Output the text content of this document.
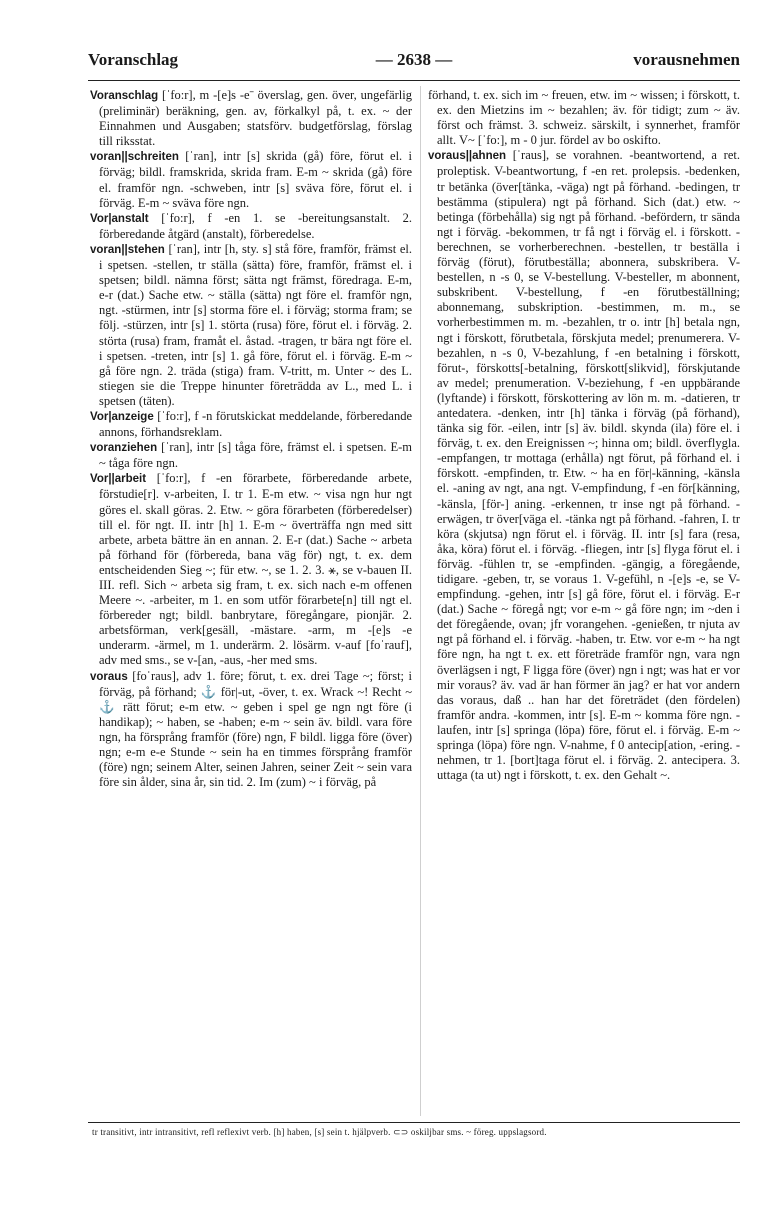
Voranschlag	— 2638 —	vorausnehmen

Voranschlag [ˈfo:r], m -[e]s -eˉ överslag, gen. över, ungefärlig (preliminär) beräkning, gen. av, förkalkyl på, t. ex. ~ der Einnahmen und Ausgaben; statsförv. budgetförslag, förslag till riksstat.

voran||schreiten [ˈran], intr [s] skrida (gå) före, förut el. i förväg; bildl. framskrida, skrida fram. E-m ~ skrida (gå) före el. framför ngn. -schweben, intr [s] sväva före, förut el. i förväg. E-m ~ sväva före ngn.

Vor|anstalt [ˈfo:r], f -en 1. se -bereitungsanstalt. 2. förberedande åtgärd (anstalt), förberedelse.

voran||stehen [ˈran], intr [h, sty. s] stå före, framför, främst el. i spetsen. -stellen, tr ställa (sätta) före, framför, främst el. i spetsen; bildl. nämna först; sätta ngt främst, föredraga. E-m, e-r (dat.) Sache etw. ~ ställa (sätta) ngt före el. framför ngn, ngt. -stürmen, intr [s] storma före el. i förväg; storma fram; se följ. -stürzen, intr [s] 1. störta (rusa) före, förut el. i förväg. 2. störta (rusa) fram, framåt el. åstad. -tragen, tr bära ngt före el. i spetsen. -treten, intr [s] 1. gå före, förut el. i förväg. E-m ~ gå före ngn. 2. träda (stiga) fram. V-tritt, m. Unter ~ des L. stiegen sie die Treppe hinunter företrädda av L., med L. i spetsen (täten).

Vor|anzeige [ˈfo:r], f -n förutskickat meddelande, förberedande annons, förhandsreklam.

voranziehen [ˈran], intr [s] tåga före, främst el. i spetsen. E-m ~ tåga före ngn.

Vor||arbeit [ˈfo:r], f -en förarbete, förberedande arbete, förstudie[r]. v-arbeiten, I. tr 1. E-m etw. ~ visa ngn hur ngt göres el. skall göras. 2. Etw. ~ göra förarbeten (förberedelser) till el. för ngt. II. intr [h] 1. E-m ~ överträffa ngn med sitt arbete, arbeta bättre än en annan. 2. E-r (dat.) Sache ~ arbeta på förhand för (förbereda, bana väg för) ngt, t. ex. dem entscheidenden Sieg ~; für etw. ~, se 1. 2. 3. ⚹, se v-bauen II. III. refl. Sich ~ arbeta sig fram, t. ex. sich nach e-m offenen Meere ~. -arbeiter, m 1. en som utför förarbete[n] till ngt el. förbereder ngt; bildl. banbrytare, föregångare, pionjär. 2. arbetsförman, verk[gesäll, -mästare. -arm, m -[e]s -e underarm. -ärmel, m 1. underärm. 2. lösärm. v-auf [foˈrauf], adv med sms., se v-[an, -aus, -her med sms.

voraus [foˈraus], adv 1. före; förut, t. ex. drei Tage ~; först; i förväg, på förhand; ⚓ för|-ut, -över, t. ex. Wrack ~! Recht ~ ⚓ rätt förut; e-m etw. ~ geben i spel ge ngn ngt före (i handikap); ~ haben, se -haben; e-m ~ sein äv. bildl. vara före ngn, ha försprång framför (före) ngn, F bildl. ligga före (över) ngn; e-m e-e Stunde ~ sein ha en timmes försprång framför (före) ngn; seinem Alter, seinen Jahren, seiner Zeit ~ sein vara före sin ålder, sina år, sin tid. 2. Im (zum) ~ i förväg, på

förhand, t. ex. sich im ~ freuen, etw. im ~ wissen; i förskott, t. ex. den Mietzins im ~ bezahlen; äv. för tidigt; zum ~ äv. först och främst. 3. schweiz. särskilt, i synnerhet, framför allt. V~ [ˈfo:], m - 0 jur. fördel av bo oskifto.

voraus||ahnen [ˈraus], se vorahnen. -beantwortend, a ret. proleptisk. V-beantwortung, f -en ret. prolepsis. -bedenken, tr betänka (över[tänka, -väga) ngt på förhand. -bedingen, tr bestämma (stipulera) ngt på förhand. Sich (dat.) etw. ~ betinga (förbehålla) sig ngt på förhand. -befördern, tr sända ngt i förväg. -bekommen, tr få ngt i förväg el. i förskott. -berechnen, se vorherberechnen. -bestellen, tr beställa i förväg (förut), förutbeställa; abonnera, subskribera. V-bestellen, n -s 0, se V-bestellung. V-besteller, m abonnent, subskribent. V-bestellung, f -en förutbeställning; abonnemang, subskription. -bestimmen, m. m., se vorherbestimmen m. m. -bezahlen, tr o. intr [h] betala ngn, ngt i förskott, förutbetala, förskjuta medel; prenumerera. V-bezahlen, n -s 0, V-bezahlung, f -en betalning i förskott, förut-, förskotts[-betalning, förskott[slikvid], förskjutande av medel; prenumeration. V-beziehung, f -en uppbärande (lyftande) i förskott, förskottering av lön m. m. -datieren, tr antedatera. -denken, intr [h] tänka i förväg (på förhand), tänka sig för. -eilen, intr [s] äv. bildl. skynda (ila) före el. i förväg, t. ex. den Ereignissen ~; hinna om; bildl. överflygla. -empfangen, tr mottaga (erhålla) ngt förut, på förhand el. i förskott. -empfinden, tr. Etw. ~ ha en för|-känning, -känsla el. -aning av ngt, ana ngt. V-empfindung, f -en för[känning, -känsla, [för-] aning. -erkennen, tr inse ngt på förhand. -erwägen, tr över[väga el. -tänka ngt på förhand. -fahren, I. tr köra (skjutsa) ngn förut el. i förväg. II. intr [s] fara (resa, åka, köra) förut el. i förväg. -fliegen, intr [s] flyga förut el. i förväg. -fühlen tr, se -empfinden. -gängig, a föregående, tidigare. -geben, tr, se voraus 1. V-gefühl, n -[e]s -e, se V-empfindung. -gehen, intr [s] gå före, förut el. i förväg. E-r (dat.) Sache ~ föregå ngt; vor e-m ~ gå före ngn; im ~den i det föregående, ovan; jfr vorangehen. -genießen, tr njuta av ngt på förhand el. i förväg. -haben, tr. Etw. vor e-m ~ ha ngt före ngn, ha ngt t. ex. ett företräde framför ngn, vara ngn överlägsen i ngt, F ligga före (över) ngn i ngt; was hat er vor mir voraus? äv. vad är han förmer än jag? er hat vor andern das voraus, daß .. han har det företrädet (den fördelen) framför andra. -kommen, intr [s]. E-m ~ komma före ngn. -laufen, intr [s] springa (löpa) före, förut el. i förväg. E-m ~ springa (löpa) före ngn. V-nahme, f 0 antecip[ation, -ering. -nehmen, tr 1. [bort]taga förut el. i förväg. 2. antecipera. 3. uttaga (ta ut) ngt i förskott, t. ex. den Gehalt ~.

tr transitivt, intr intransitivt, refl reflexivt verb. [h] haben, [s] sein t. hjälpverb. ⊂⊃ oskiljbar sms. ~ föreg. uppslagsord.
